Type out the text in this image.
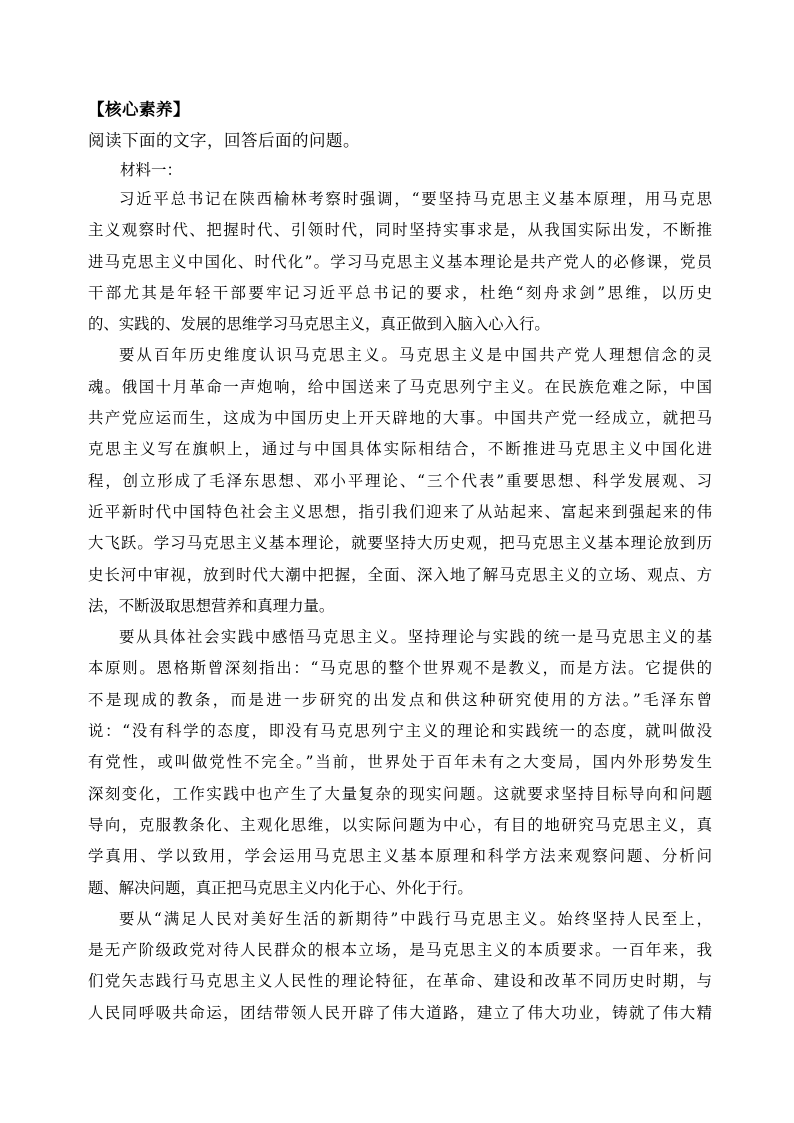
【核心素养】
阅读下面的文字，回答后面的问题。
材料一：
习近平总书记在陕西榆林考察时强调，“要坚持马克思主义基本原理，用马克思
主义观察时代、把握时代、引领时代，同时坚持实事求是，从我国实际出发，不断推
进马克思主义中国化、时代化”。学习马克思主义基本理论是共产党人的必修课，党员
干部尤其是年轻干部要牢记习近平总书记的要求，杜绝“刻舟求剑”思维，以历史
的、实践的、发展的思维学习马克思主义，真正做到入脑入心入行。
要从百年历史维度认识马克思主义。马克思主义是中国共产党人理想信念的灵
魂。俄国十月革命一声炮响，给中国送来了马克思列宁主义。在民族危难之际，中国
共产党应运而生，这成为中国历史上开天辟地的大事。中国共产党一经成立，就把马
克思主义写在旗帜上，通过与中国具体实际相结合，不断推进马克思主义中国化进
程，创立形成了毛泽东思想、邓小平理论、“三个代表”重要思想、科学发展观、习
近平新时代中国特色社会主义思想，指引我们迎来了从站起来、富起来到强起来的伟
大飞跃。学习马克思主义基本理论，就要坚持大历史观，把马克思主义基本理论放到历
史长河中审视，放到时代大潮中把握，全面、深入地了解马克思主义的立场、观点、方
法，不断汲取思想营养和真理力量。
要从具体社会实践中感悟马克思主义。坚持理论与实践的统一是马克思主义的基
本原则。恩格斯曾深刻指出：“马克思的整个世界观不是教义，而是方法。它提供的
不是现成的教条，而是进一步研究的出发点和供这种研究使用的方法。”毛泽东曾
说：“没有科学的态度，即没有马克思列宁主义的理论和实践统一的态度，就叫做没
有党性，或叫做党性不完全。”当前，世界处于百年未有之大变局，国内外形势发生
深刻变化，工作实践中也产生了大量复杂的现实问题。这就要求坚持目标导向和问题
导向，克服教条化、主观化思维，以实际问题为中心，有目的地研究马克思主义，真
学真用、学以致用，学会运用马克思主义基本原理和科学方法来观察问题、分析问
题、解决问题，真正把马克思主义内化于心、外化于行。
要从“满足人民对美好生活的新期待”中践行马克思主义。始终坚持人民至上，
是无产阶级政党对待人民群众的根本立场，是马克思主义的本质要求。一百年来，我
们党矢志践行马克思主义人民性的理论特征，在革命、建设和改革不同历史时期，与
人民同呼吸共命运，团结带领人民开辟了伟大道路，建立了伟大功业，铸就了伟大精
